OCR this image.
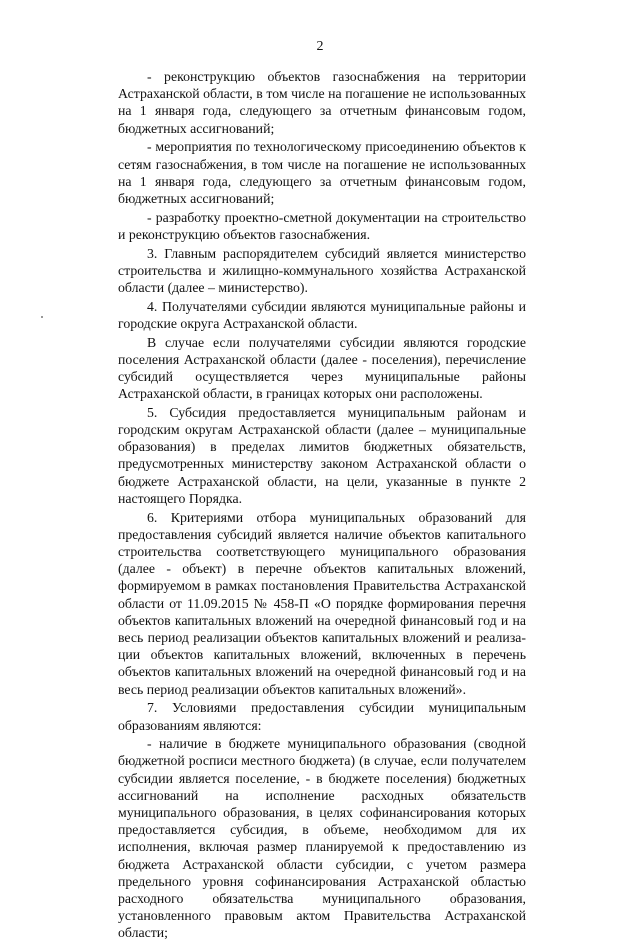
2

- реконструкцию объектов газоснабжения на территории Астраханской области, в том числе на погашение не использованных на 1 января года, следующего за отчетным финансовым годом, бюджетных ассигнований;

- мероприятия по технологическому присоединению объектов к сетям газоснабжения, в том числе на погашение не использованных на 1 января года, следующего за отчетным финансовым годом, бюджетных ассигнований;

- разработку проектно-сметной документации на строительство и реконструкцию объектов газоснабжения.

3. Главным распорядителем субсидий является министерство строительства и жилищно-коммунального хозяйства Астраханской области (далее – министерство).

4. Получателями субсидии являются муниципальные районы и городские округа Астраханской области.

В случае если получателями субсидии являются городские поселения Астраханской области (далее - поселения), перечисление субсидий осуществляется через муниципальные районы Астраханской области, в границах которых они расположены.

5. Субсидия предоставляется муниципальным районам и городским округам Астраханской области (далее – муниципальные образования) в пределах лимитов бюджетных обязательств, предусмотренных министерству законом Астраханской области о бюджете Астраханской области, на цели, указанные в пункте 2 настоящего Порядка.

6. Критериями отбора муниципальных образований для предоставления субсидий является наличие объектов капитального строительства соответствующего муниципального образования (далее - объект) в перечне объектов капитальных вложений, формируемом в рамках постановления Правительства Астраханской области от 11.09.2015 № 458-П «О порядке формирования перечня объектов капитальных вложений на очередной финансовый год и на весь период реализации объектов капитальных вложений и реализации объектов капитальных вложений, включенных в перечень объектов капитальных вложений на очередной финансовый год и на весь период реализации объектов капитальных вложений».

7. Условиями предоставления субсидии муниципальным образованиям являются:

- наличие в бюджете муниципального образования (сводной бюджетной росписи местного бюджета) (в случае, если получателем субсидии является поселение, - в бюджете поселения) бюджетных ассигнований на исполнение расходных обязательств муниципального образования, в целях софинансирования которых предоставляется субсидия, в объеме, необходимом для их исполнения, включая размер планируемой к предоставлению из бюджета Астраханской области субсидии, с учетом размера предельного уровня софинансирования Астраханской областью расходного обязательства муниципального образования, установленного правовым актом Правительства Астраханской области;
